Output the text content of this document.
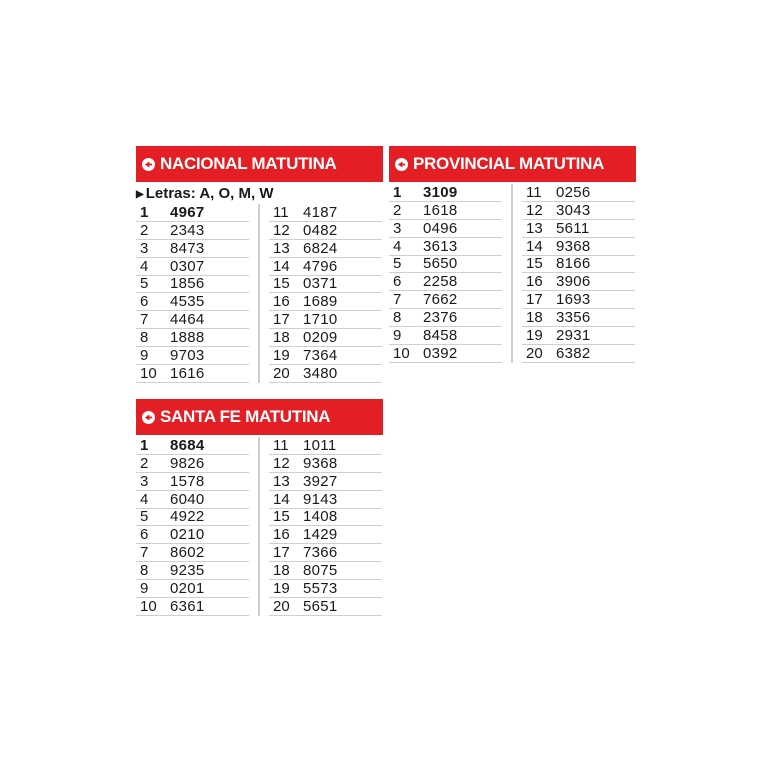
NACIONAL MATUTINA
▶ Letras: A, O, M, W
1	4967
2	2343
3	8473
4	0307
5	1856
6	4535
7	4464
8	1888
9	9703
10 1616
11 4187
12 0482
13 6824
14 4796
15 0371
16 1689
17 1710
18 0209
19 7364
20 3480
PROVINCIAL MATUTINA
1	3109
2	1618
3	0496
4	3613
5	5650
6	2258
7	7662
8	2376
9	8458
10 0392
11 0256
12 3043
13 5611
14 9368
15 8166
16 3906
17 1693
18 3356
19 2931
20 6382
SANTA FE MATUTINA
1	8684
2	9826
3	1578
4	6040
5	4922
6	0210
7	8602
8	9235
9	0201
10 6361
11 1011
12 9368
13 3927
14 9143
15 1408
16 1429
17 7366
18 8075
19 5573
20 5651
